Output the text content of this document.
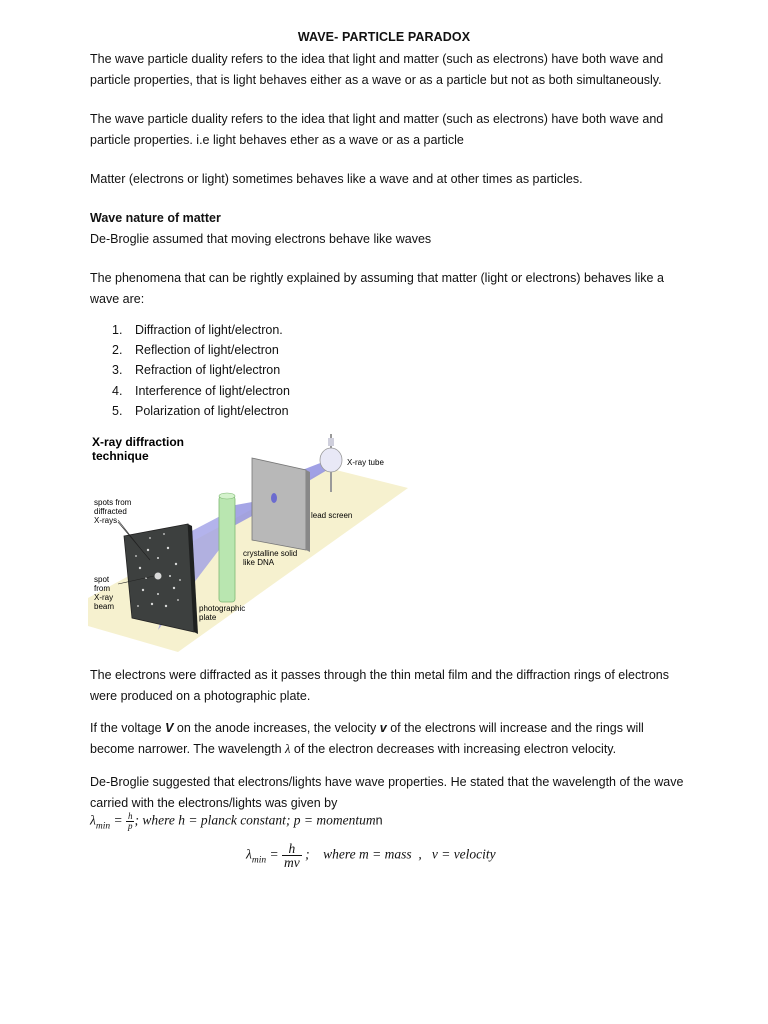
WAVE- PARTICLE PARADOX
The wave particle duality refers to the idea that light and matter (such as electrons) have both wave and particle properties, that is light behaves either as a wave or as a particle but not as both simultaneously.
The wave particle duality refers to the idea that light and matter (such as electrons) have both wave and particle properties. i.e light behaves ether as a wave or as a particle
Matter (electrons or light) sometimes behaves like a wave and at other times as particles.
Wave nature of matter
De-Broglie assumed that moving electrons behave like waves
The phenomena that can be rightly explained by assuming that matter (light or electrons) behaves like a wave are:
1. Diffraction of light/electron.
2. Reflection of light/electron
3. Refraction of light/electron
4. Interference of light/electron
5. Polarization of light/electron
X-ray diffraction
technique	X-ray tube
lead screen
crystalline solid
like DNA
photographic
plate
spots from
diffracted
X-rays
spot
from
X-ray
beam
The electrons were diffracted as it passes through the thin metal film and the diffraction rings of electrons were produced on a photographic plate.
If the voltage V on the anode increases, the velocity v of the electrons will increase and the rings will become narrower. The wavelength λ of the electron decreases with increasing electron velocity.
De-Broglie suggested that electrons/lights have wave properties. He stated that the wavelength of the wave carried with the electrons/lights was given by
$\lambda_{min} = \frac{h}{p}$ ; where h = planck constant; p = momentumn
$\lambda_{min} = \frac{h}{mv}$ ;    where m = mass  ,   v = velocity
